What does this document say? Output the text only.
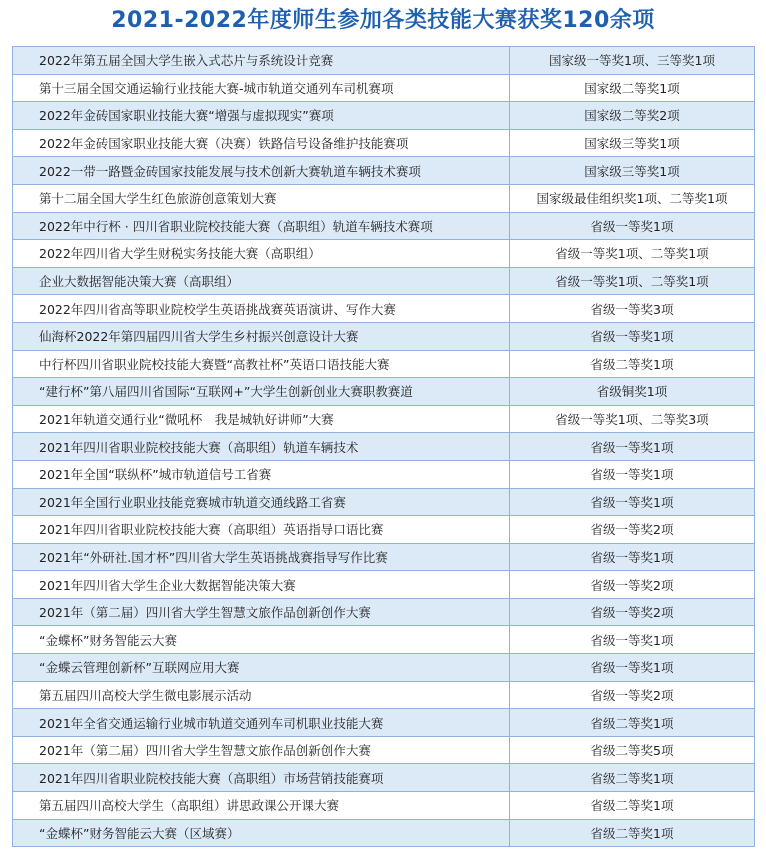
2021-2022年度师生参加各类技能大赛获奖120余项
2022年第五届全国大学生嵌入式芯片与系统设计竞赛	国家级一等奖1项、三等奖1项
第十三届全国交通运输行业技能大赛-城市轨道交通列车司机赛项	国家级二等奖1项
2022年金砖国家职业技能大赛“增强与虚拟现实”赛项	国家级二等奖2项
2022年金砖国家职业技能大赛（决赛）铁路信号设备维护技能赛项	国家级三等奖1项
2022一带一路暨金砖国家技能发展与技术创新大赛轨道车辆技术赛项	国家级三等奖1项
第十二届全国大学生红色旅游创意策划大赛	国家级最佳组织奖1项、二等奖1项
2022年中行杯 · 四川省职业院校技能大赛（高职组）轨道车辆技术赛项	省级一等奖1项
2022年四川省大学生财税实务技能大赛（高职组）	省级一等奖1项、二等奖1项
企业大数据智能决策大赛（高职组）	省级一等奖1项、二等奖1项
2022年四川省高等职业院校学生英语挑战赛英语演讲、写作大赛	省级一等奖3项
仙海杯2022年第四届四川省大学生乡村振兴创意设计大赛	省级一等奖1项
中行杯四川省职业院校技能大赛暨“高教社杯”英语口语技能大赛	省级二等奖1项
“建行杯”第八届四川省国际“互联网+”大学生创新创业大赛职教赛道	省级铜奖1项
2021年轨道交通行业“微吼杯　我是城轨好讲师”大赛	省级一等奖1项、二等奖3项
2021年四川省职业院校技能大赛（高职组）轨道车辆技术	省级一等奖1项
2021年全国“联纵杯”城市轨道信号工省赛	省级一等奖1项
2021年全国行业职业技能竞赛城市轨道交通线路工省赛	省级一等奖1项
2021年四川省职业院校技能大赛（高职组）英语指导口语比赛	省级一等奖2项
2021年“外研社.国才杯”四川省大学生英语挑战赛指导写作比赛	省级一等奖1项
2021年四川省大学生企业大数据智能决策大赛	省级一等奖2项
2021年（第二届）四川省大学生智慧文旅作品创新创作大赛	省级一等奖2项
“金蝶杯”财务智能云大赛	省级一等奖1项
“金蝶云管理创新杯”互联网应用大赛	省级一等奖1项
第五届四川高校大学生微电影展示活动	省级一等奖2项
2021年全省交通运输行业城市轨道交通列车司机职业技能大赛	省级二等奖1项
2021年（第二届）四川省大学生智慧文旅作品创新创作大赛	省级二等奖5项
2021年四川省职业院校技能大赛（高职组）市场营销技能赛项	省级二等奖1项
第五届四川高校大学生（高职组）讲思政课公开课大赛	省级二等奖1项
“金蝶杯”财务智能云大赛（区域赛）	省级二等奖1项
